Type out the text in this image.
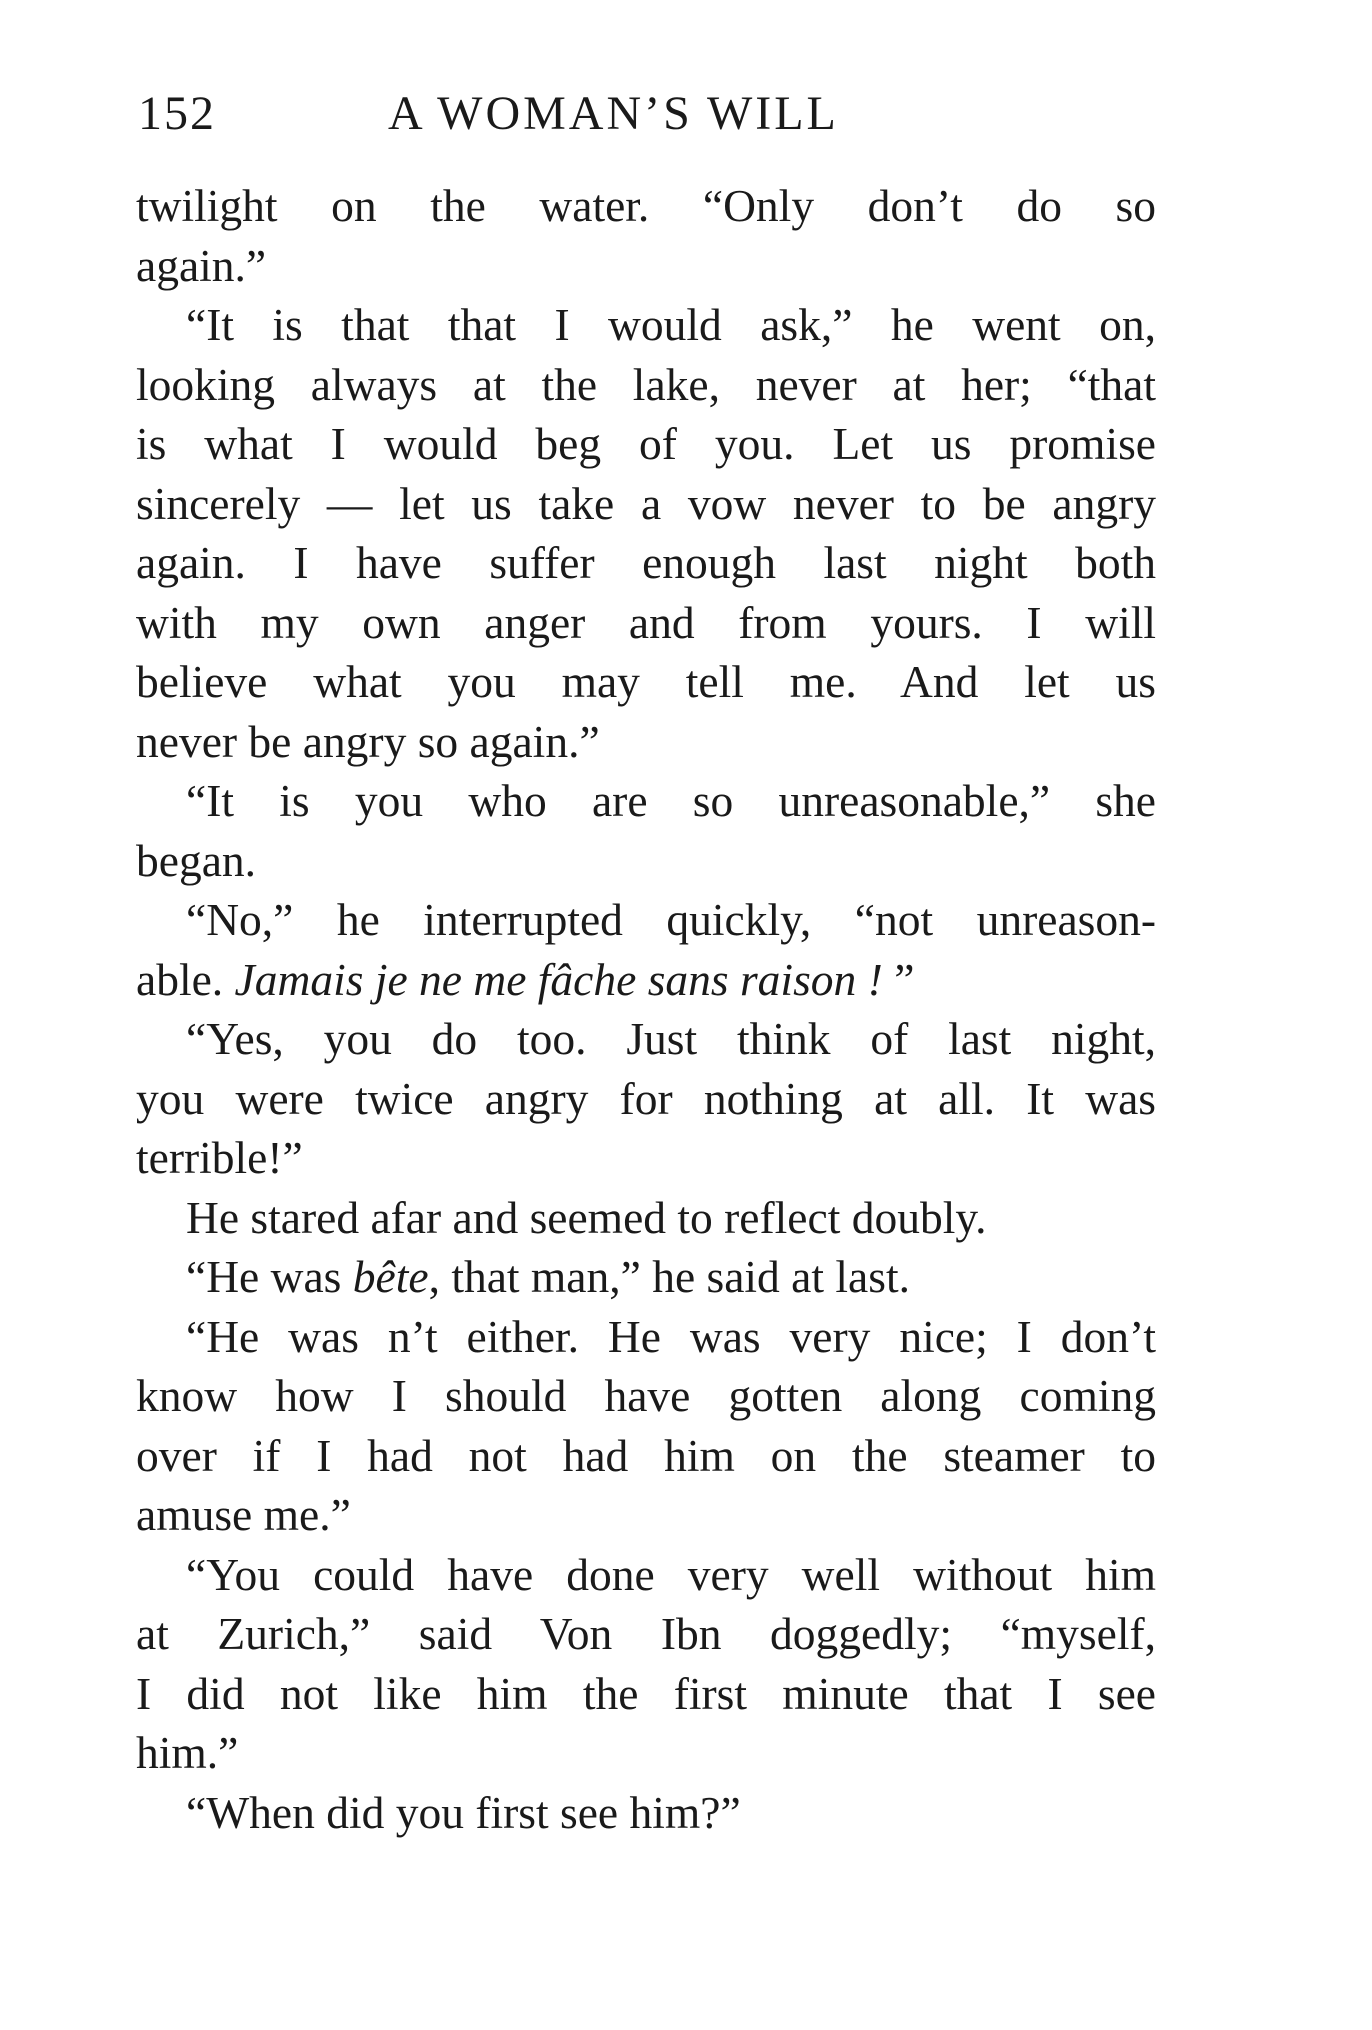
152	A WOMAN’S WILL
twilight on the water. “Only don’t do so
again.”
“It is that that I would ask,” he went on,
looking always at the lake, never at her; “that
is what I would beg of you. Let us promise
sincerely — let us take a vow never to be angry
again. I have suffer enough last night both
with my own anger and from yours. I will
believe what you may tell me. And let us
never be angry so again.”
“It is you who are so unreasonable,” she
began.
“No,” he interrupted quickly, “not unreason-
able. Jamais je ne me fâche sans raison ! ”
“Yes, you do too. Just think of last night,
you were twice angry for nothing at all. It was
terrible!”
He stared afar and seemed to reflect doubly.
“He was bête, that man,” he said at last.
“He was n’t either. He was very nice; I don’t
know how I should have gotten along coming
over if I had not had him on the steamer to
amuse me.”
“You could have done very well without him
at Zurich,” said Von Ibn doggedly; “myself,
I did not like him the first minute that I see
him.”
“When did you first see him?”
